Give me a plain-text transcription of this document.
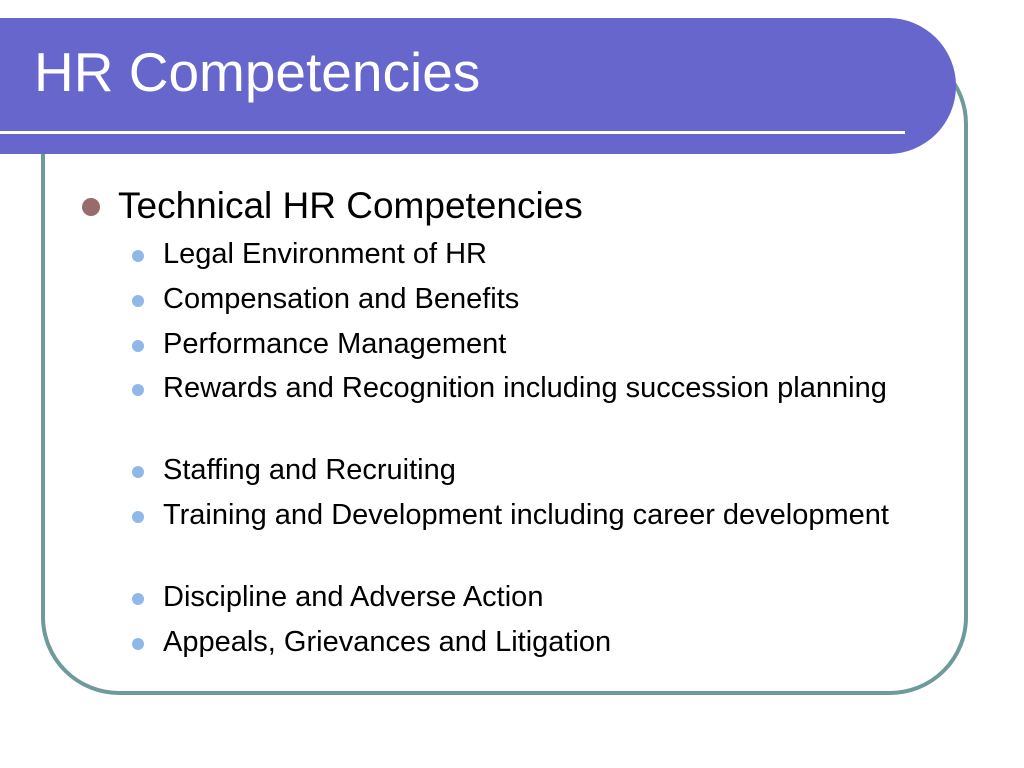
HR Competencies
Technical HR Competencies
Legal Environment of HR
Compensation and Benefits
Performance Management
Rewards and Recognition including succession planning
Staffing and Recruiting
Training and Development including career development
Discipline and Adverse Action
Appeals, Grievances and Litigation
